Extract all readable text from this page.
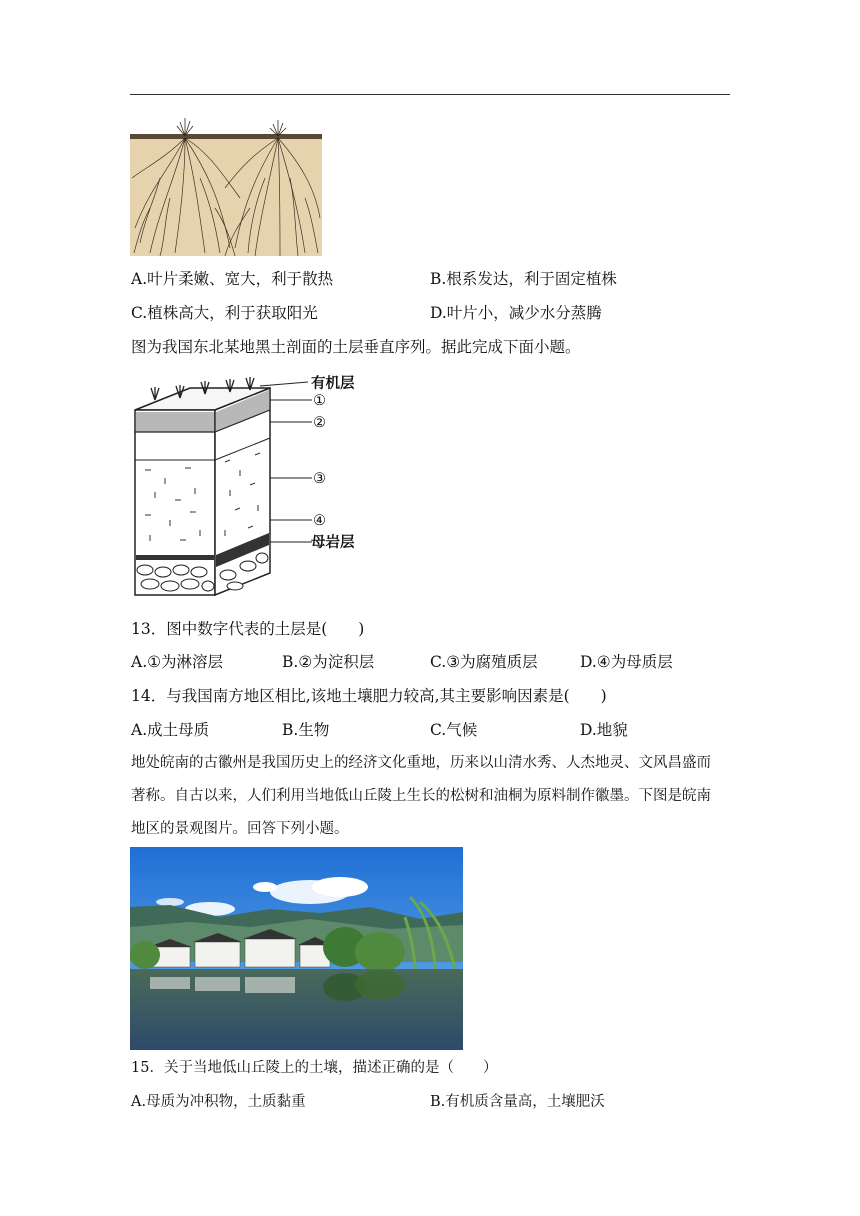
A.叶片柔嫩、宽大，利于散热	B.根系发达，利于固定植株
C.植株高大，利于获取阳光	D.叶片小，减少水分蒸腾
图为我国东北某地黑土剖面的土层垂直序列。据此完成下面小题。
有机层
①
②
③
④
母岩层
13．图中数字代表的土层是(　　)
A.①为淋溶层	B.②为淀积层	C.③为腐殖质层	D.④为母质层
14．与我国南方地区相比,该地土壤肥力较高,其主要影响因素是(　　)
A.成土母质	B.生物	C.气候	D.地貌
地处皖南的古徽州是我国历史上的经济文化重地，历来以山清水秀、人杰地灵、文风昌盛而
著称。自古以来，人们利用当地低山丘陵上生长的松树和油桐为原料制作徽墨。下图是皖南
地区的景观图片。回答下列小题。
15．关于当地低山丘陵上的土壤，描述正确的是（　　）
A.母质为冲积物，土质黏重	B.有机质含量高，土壤肥沃
